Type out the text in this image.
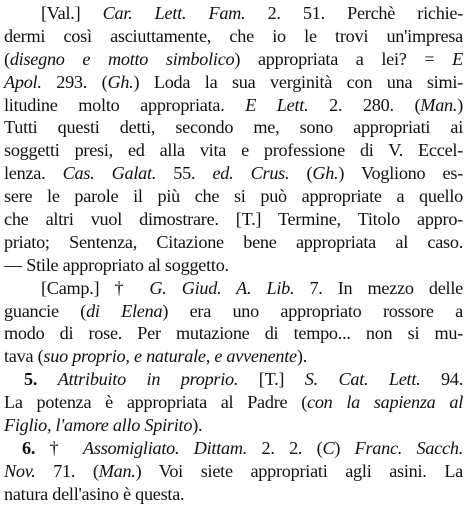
[Val.] Car. Lett. Fam. 2. 51. Perchè richie-
dermi così asciuttamente, che io le trovi un'impresa
(disegno e motto simbolico) appropriata a lei? = E
Apol. 293. (Gh.) Loda la sua verginità con una simi-
litudine molto appropriata. E Lett. 2. 280. (Man.)
Tutti questi detti, secondo me, sono appropriati ai
soggetti presi, ed alla vita e professione di V. Eccel-
lenza. Cas. Galat. 55. ed. Crus. (Gh.) Vogliono es-
sere le parole il più che si può appropriate a quello
che altri vuol dimostrare. [T.] Termine, Titolo appro-
priato; Sentenza, Citazione bene appropriata al caso.
— Stile appropriato al soggetto.
[Camp.] † G. Giud. A. Lib. 7. In mezzo delle
guancie (di Elena) era uno appropriato rossore a
modo di rose. Per mutazione di tempo... non si mu-
tava (suo proprio, e naturale, e avvenente).
5. Attribuito in proprio. [T.] S. Cat. Lett. 94.
La potenza è appropriata al Padre (con la sapienza al
Figlio, l'amore allo Spirito).
6. † Assomigliato. Dittam. 2. 2. (C) Franc. Sacch.
Nov. 71. (Man.) Voi siete appropriati agli asini. La
natura dell'asino è questa.
